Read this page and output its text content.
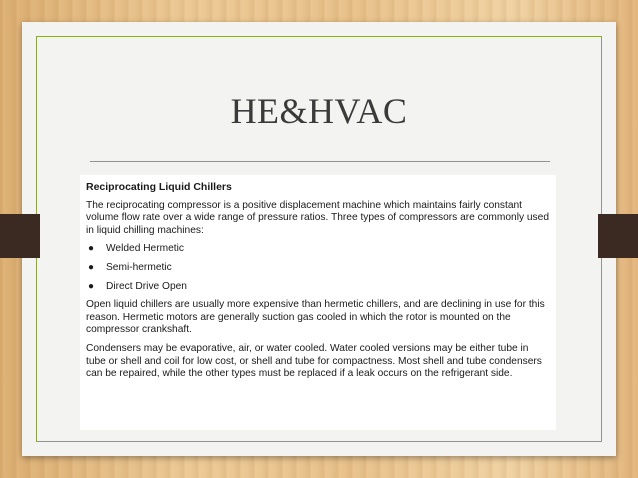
HE&HVAC
Reciprocating Liquid Chillers

The reciprocating compressor is a positive displacement machine which maintains fairly constant volume flow rate over a wide range of pressure ratios. Three types of compressors are commonly used in liquid chilling machines:

● Welded Hermetic
● Semi-hermetic
● Direct Drive Open

Open liquid chillers are usually more expensive than hermetic chillers, and are declining in use for this reason. Hermetic motors are generally suction gas cooled in which the rotor is mounted on the compressor crankshaft.

Condensers may be evaporative, air, or water cooled. Water cooled versions may be either tube in tube or shell and coil for low cost, or shell and tube for compactness. Most shell and tube condensers can be repaired, while the other types must be replaced if a leak occurs on the refrigerant side.
